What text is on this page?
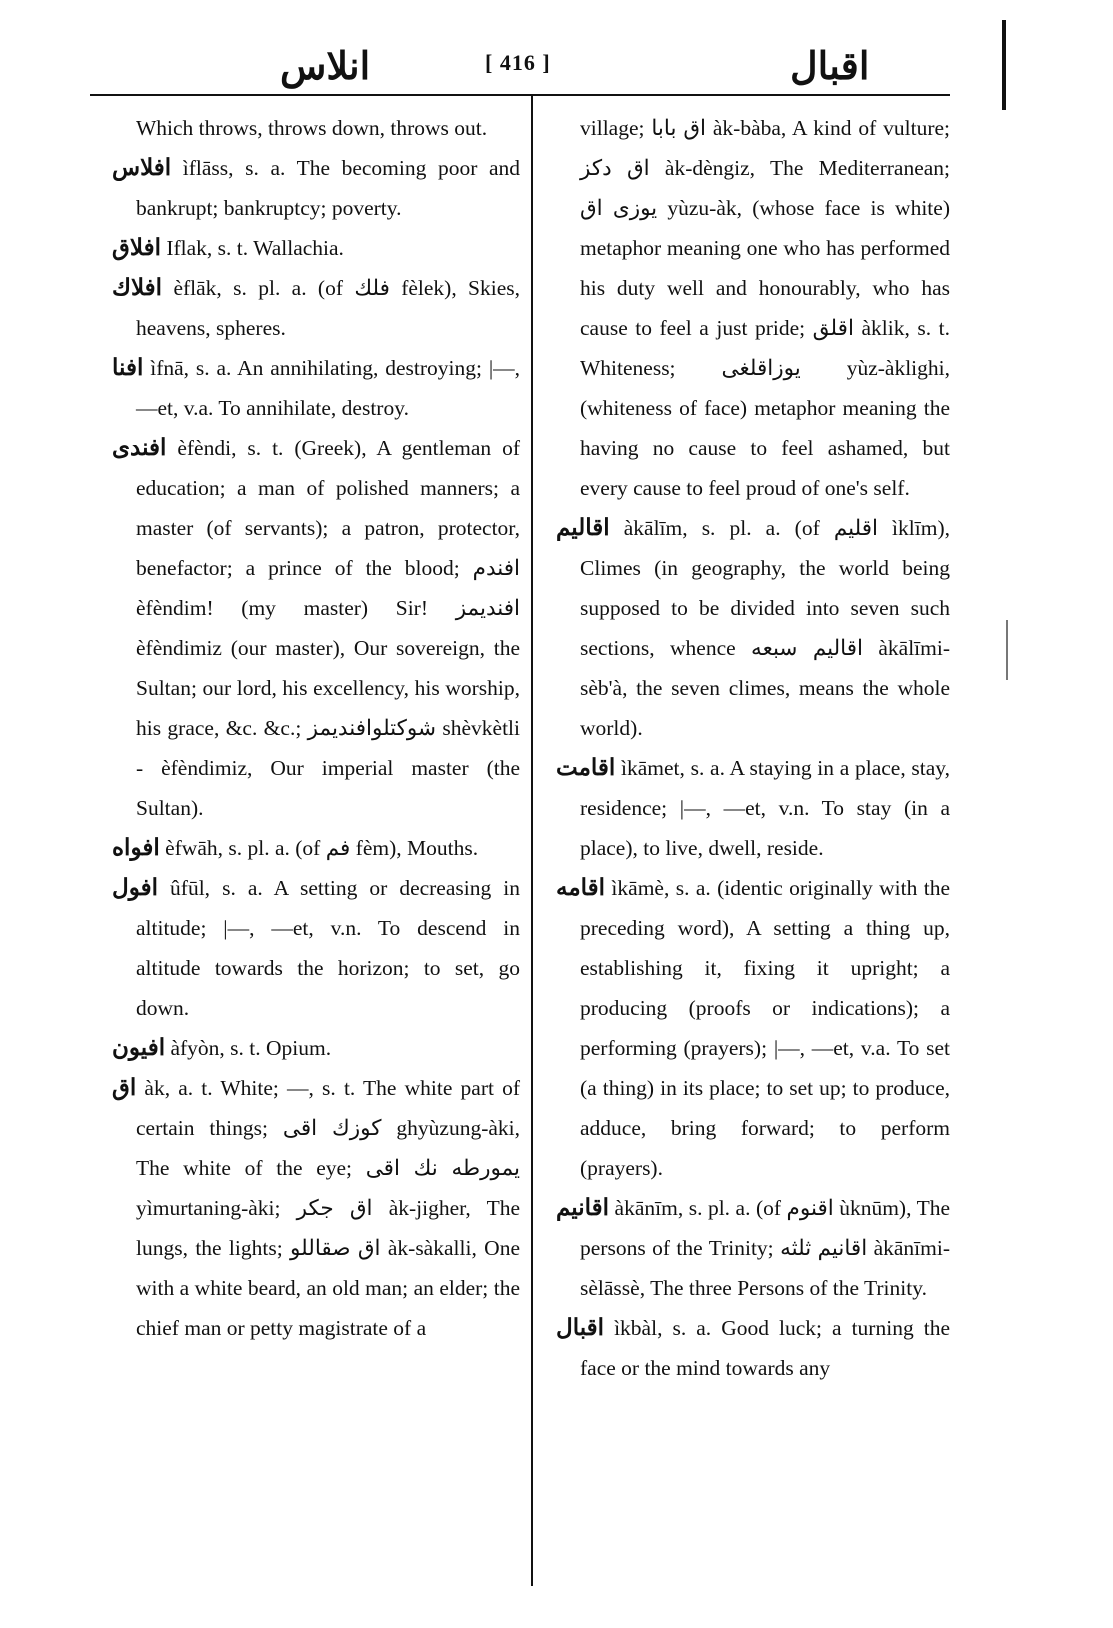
انلاس	[ 416 ]	اقبال

Which throws, throws down, throws out.

افلاس ìflāss, s. a. The becoming poor and bankrupt; bankruptcy; poverty.

افلاق Iflak, s. t. Wallachia.

افلاك èflāk, s. pl. a. (of فلك fèlek), Skies, heavens, spheres.

افنا ìfnā, s. a. An annihilating, destroying; ‎|—, —et, v.a. To annihilate, destroy.

افندی èfèndi, s. t. (Greek), A gentleman of education; a man of polished manners; a master (of servants); a patron, protector, benefactor; a prince of the blood; افندم èfèndim! (my master) Sir! افندیمز èfèndimiz (our master), Our sovereign, the Sultan; our lord, his excellency, his worship, his grace, &c. &c.; شوكتلوافندیمز shèvkètli - èfèndimiz, Our imperial master (the Sultan).

افواه èfwāh, s. pl. a. (of فم fèm), Mouths.

افول ûfūl, s. a. A setting or decreasing in altitude; |—, —et, v.n. To descend in altitude towards the horizon; to set, go down.

افیون àfyòn, s. t. Opium.

اق àk, a. t. White; —, s. t. The white part of certain things; كوزك اقی ghyùzung-àki, The white of the eye; یمورطه نك اقی yìmurtaning-àki; اق جكر àk-jigher, The lungs, the lights; اق صقاللو àk-sàkalli, One with a white beard, an old man; an elder; the chief man or petty magistrate of a

village; اق بابا àk-bàba, A kind of vulture; اق دكز àk-dèngiz, The Mediterranean; یوزی اق yùzu-àk, (whose face is white) metaphor meaning one who has performed his duty well and honourably, who has cause to feel a just pride; اقلق àklik, s. t. Whiteness; یوزاقلغی yùz-àklighi, (whiteness of face) metaphor meaning the having no cause to feel ashamed, but every cause to feel proud of one's self.

اقالیم àkālīm, s. pl. a. (of اقلیم ìklīm), Climes (in geography, the world being supposed to be divided into seven such sections, whence اقالیم سبعه àkālīmi-sèb'à, the seven climes, means the whole world).

اقامت ìkāmet, s. a. A staying in a place, stay, residence; |—, —et, v.n. To stay (in a place), to live, dwell, reside.

اقامه ìkāmè, s. a. (identic originally with the preceding word), A setting a thing up, establishing it, fixing it upright; a producing (proofs or indications); a performing (prayers); |—, —et, v.a. To set (a thing) in its place; to set up; to produce, adduce, bring forward; to perform (prayers).

اقانیم àkānīm, s. pl. a. (of اقنوم ùknūm), The persons of the Trinity; اقانیم ثلثه àkānīmi-sèlāssè, The three Persons of the Trinity.

اقبال ìkbàl, s. a. Good luck; a turning the face or the mind towards any
